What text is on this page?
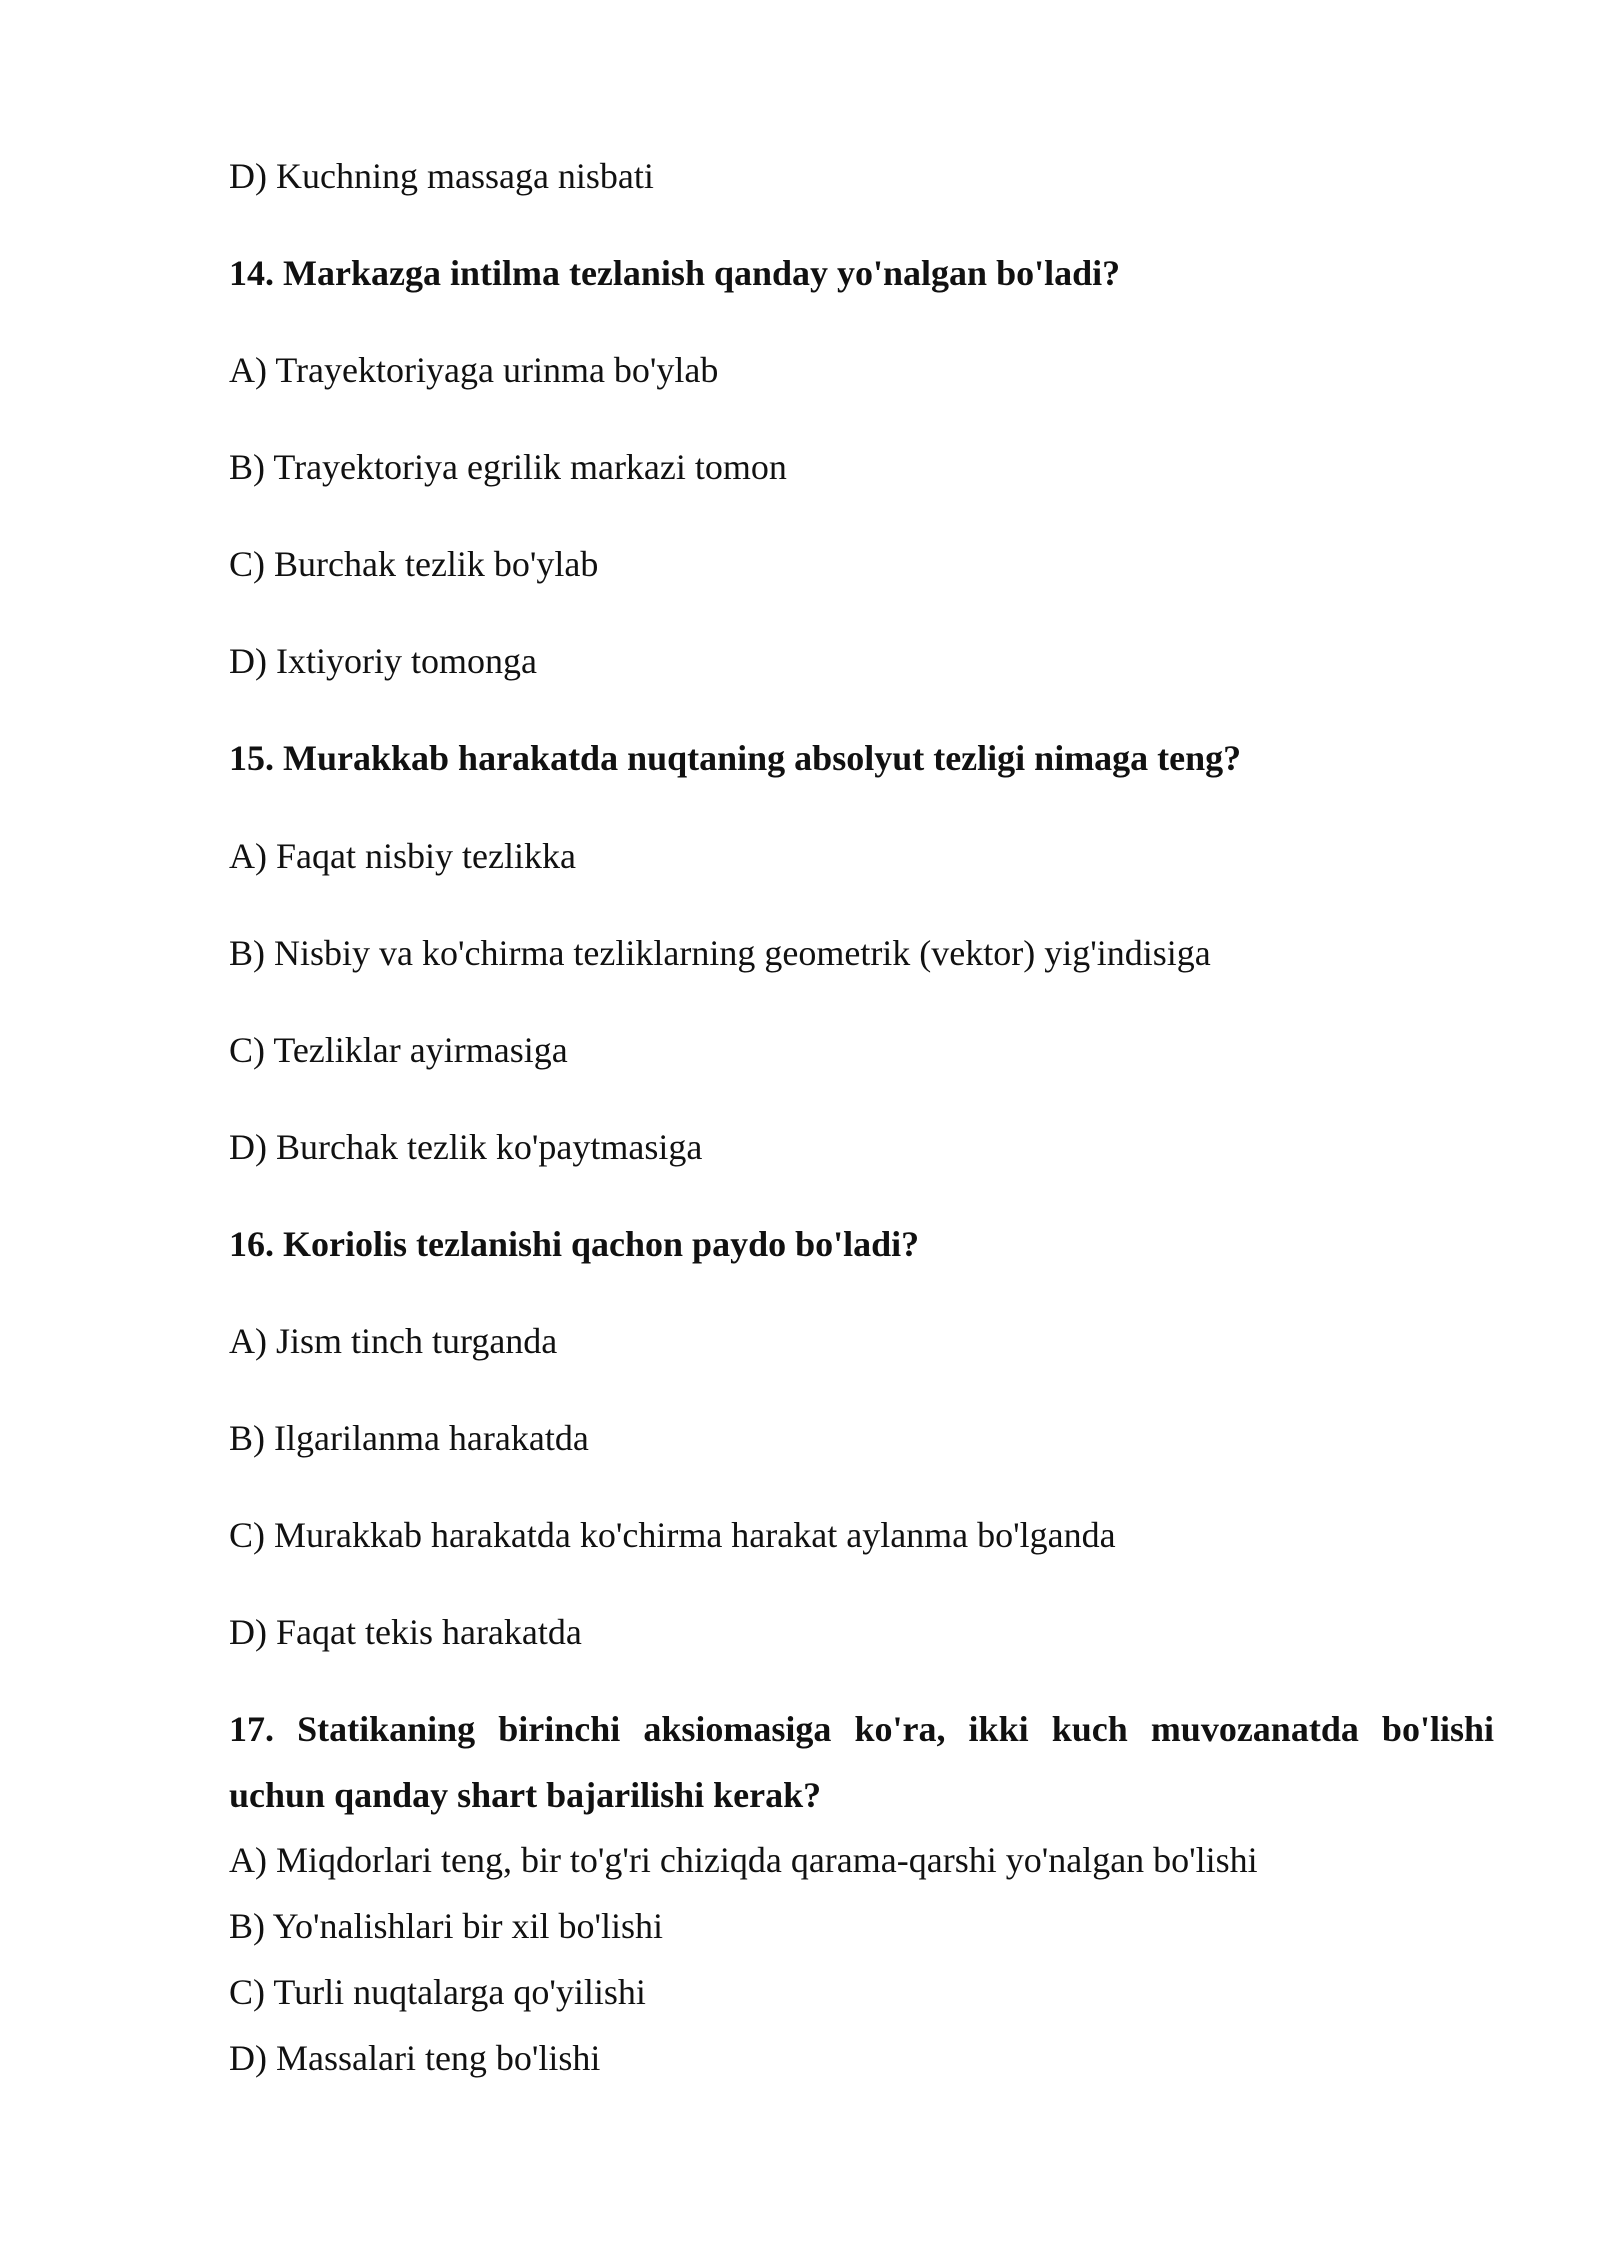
D) Kuchning massaga nisbati
14. Markazga intilma tezlanish qanday yo'nalgan bo'ladi?
A) Trayektoriyaga urinma bo'ylab
B) Trayektoriya egrilik markazi tomon
C) Burchak tezlik bo'ylab
D) Ixtiyoriy tomonga
15. Murakkab harakatda nuqtaning absolyut tezligi nimaga teng?
A) Faqat nisbiy tezlikka
B) Nisbiy va ko'chirma tezliklarning geometrik (vektor) yig'indisiga
C) Tezliklar ayirmasiga
D) Burchak tezlik ko'paytmasiga
16. Koriolis tezlanishi qachon paydo bo'ladi?
A) Jism tinch turganda
B) Ilgarilanma harakatda
C) Murakkab harakatda ko'chirma harakat aylanma bo'lganda
D) Faqat tekis harakatda
17. Statikaning birinchi aksiomasiga ko'ra, ikki kuch muvozanatda bo'lishi
uchun qanday shart bajarilishi kerak?
A) Miqdorlari teng, bir to'g'ri chiziqda qarama-qarshi yo'nalgan bo'lishi
B) Yo'nalishlari bir xil bo'lishi
C) Turli nuqtalarga qo'yilishi
D) Massalari teng bo'lishi
